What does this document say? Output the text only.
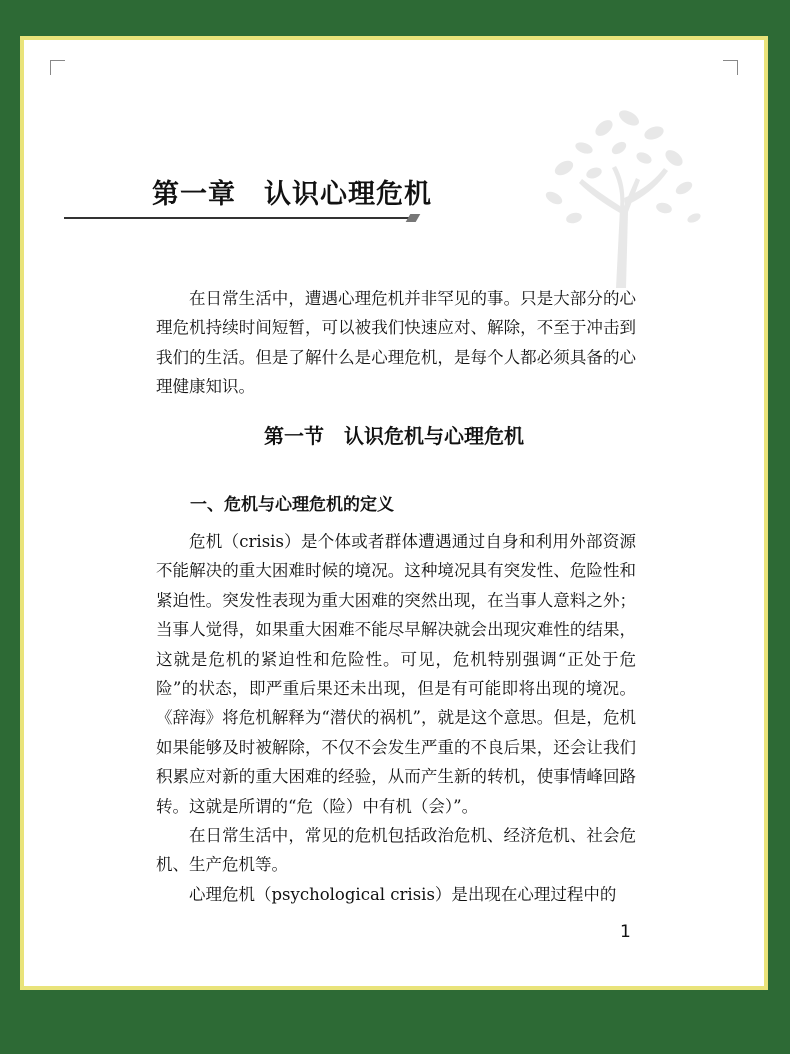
第一章　认识心理危机

在日常生活中，遭遇心理危机并非罕见的事。只是大部分的心理危机持续时间短暂，可以被我们快速应对、解除，不至于冲击到我们的生活。但是了解什么是心理危机，是每个人都必须具备的心理健康知识。

第一节　认识危机与心理危机
一、危机与心理危机的定义

危机（crisis）是个体或者群体遭遇通过自身和利用外部资源不能解决的重大困难时候的境况。这种境况具有突发性、危险性和紧迫性。突发性表现为重大困难的突然出现，在当事人意料之外；当事人觉得，如果重大困难不能尽早解决就会出现灾难性的结果，这就是危机的紧迫性和危险性。可见，危机特别强调“正处于危险”的状态，即严重后果还未出现，但是有可能即将出现的境况。《辞海》将危机解释为“潜伏的祸机”，就是这个意思。但是，危机如果能够及时被解除，不仅不会发生严重的不良后果，还会让我们积累应对新的重大困难的经验，从而产生新的转机，使事情峰回路转。这就是所谓的“危（险）中有机（会）”。

在日常生活中，常见的危机包括政治危机、经济危机、社会危机、生产危机等。

心理危机（psychological crisis）是出现在心理过程中的

1
